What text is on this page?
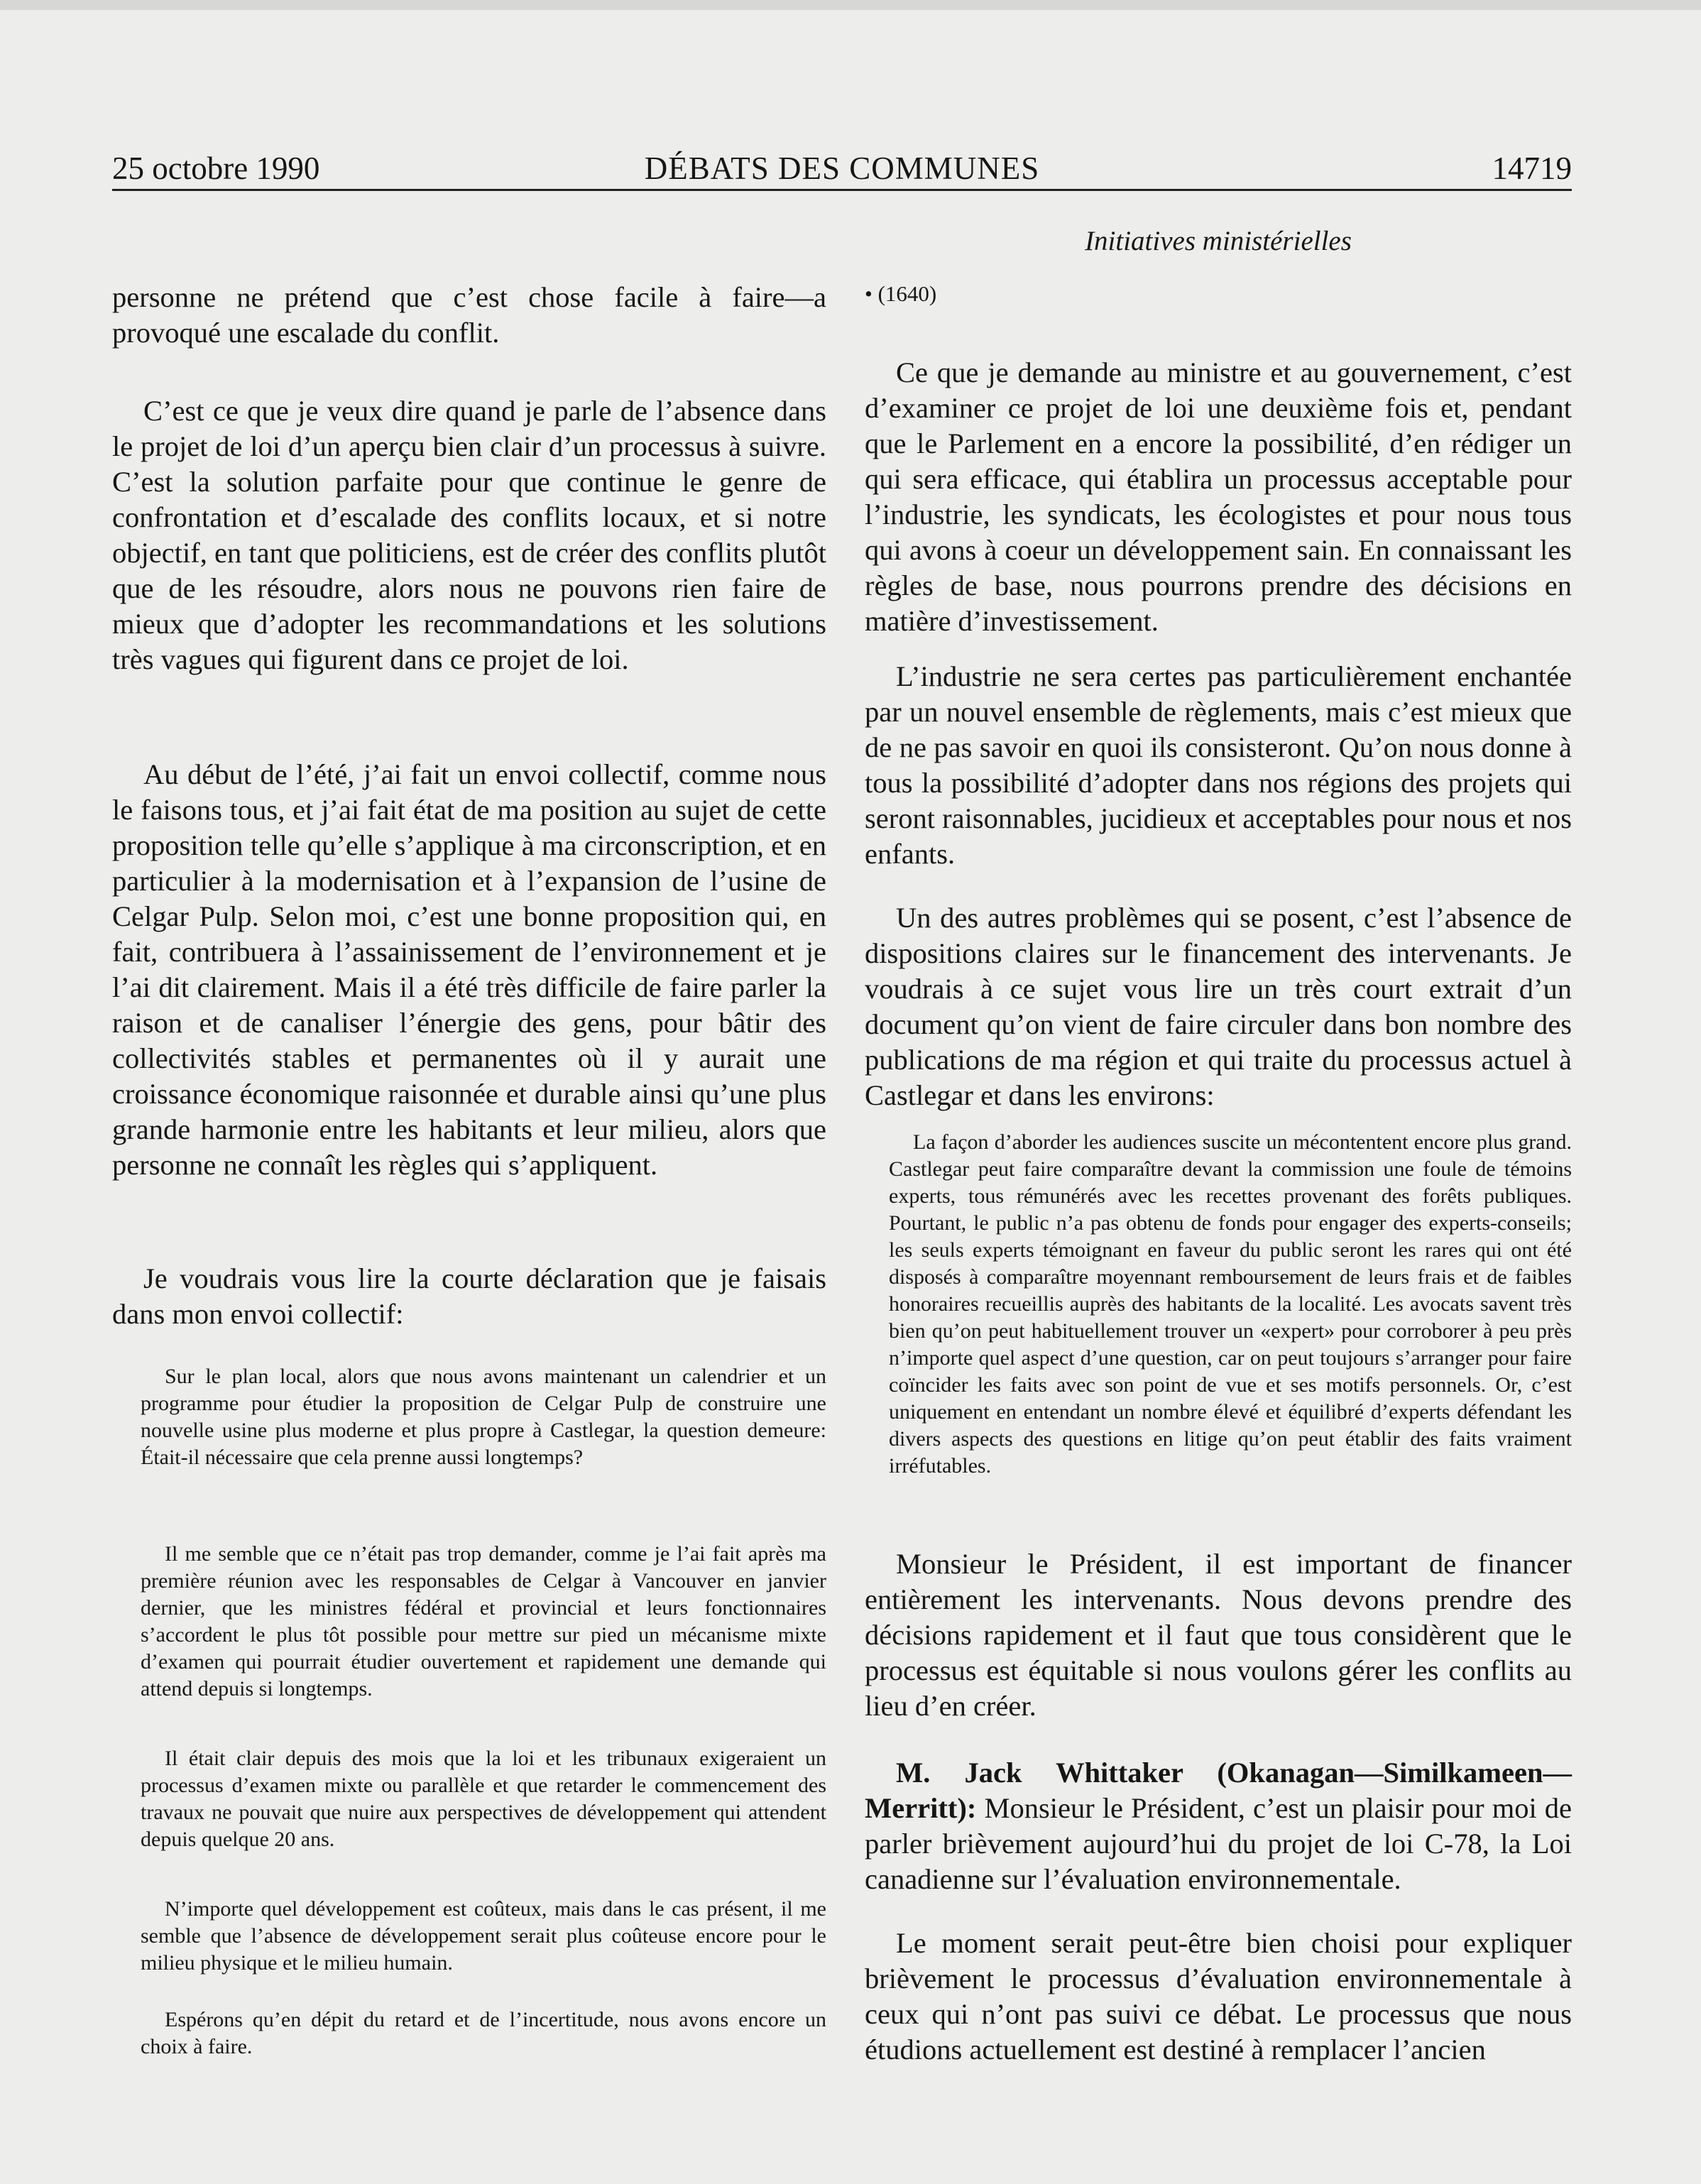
25 octobre 1990	DÉBATS DES COMMUNES	14719
Initiatives ministérielles

personne ne prétend que c’est chose facile à faire—a provoqué une escalade du conflit.

C’est ce que je veux dire quand je parle de l’absence dans le projet de loi d’un aperçu bien clair d’un processus à suivre. C’est la solution parfaite pour que continue le genre de confrontation et d’escalade des conflits locaux, et si notre objectif, en tant que politiciens, est de créer des conflits plutôt que de les résoudre, alors nous ne pouvons rien faire de mieux que d’adopter les recommandations et les solutions très vagues qui figurent dans ce projet de loi.

Au début de l’été, j’ai fait un envoi collectif, comme nous le faisons tous, et j’ai fait état de ma position au sujet de cette proposition telle qu’elle s’applique à ma circonscription, et en particulier à la modernisation et à l’expansion de l’usine de Celgar Pulp. Selon moi, c’est une bonne proposition qui, en fait, contribuera à l’assainissement de l’environnement et je l’ai dit clairement. Mais il a été très difficile de faire parler la raison et de canaliser l’énergie des gens, pour bâtir des collectivités stables et permanentes où il y aurait une croissance économique raisonnée et durable ainsi qu’une plus grande harmonie entre les habitants et leur milieu, alors que personne ne connaît les règles qui s’appliquent.

Je voudrais vous lire la courte déclaration que je faisais dans mon envoi collectif:

Sur le plan local, alors que nous avons maintenant un calendrier et un programme pour étudier la proposition de Celgar Pulp de construire une nouvelle usine plus moderne et plus propre à Castlegar, la question demeure: Était-il nécessaire que cela prenne aussi longtemps?

Il me semble que ce n’était pas trop demander, comme je l’ai fait après ma première réunion avec les responsables de Celgar à Vancouver en janvier dernier, que les ministres fédéral et provincial et leurs fonctionnaires s’accordent le plus tôt possible pour mettre sur pied un mécanisme mixte d’examen qui pourrait étudier ouvertement et rapidement une demande qui attend depuis si longtemps.

Il était clair depuis des mois que la loi et les tribunaux exigeraient un processus d’examen mixte ou parallèle et que retarder le commencement des travaux ne pouvait que nuire aux perspectives de développement qui attendent depuis quelque 20 ans.

N’importe quel développement est coûteux, mais dans le cas présent, il me semble que l’absence de développement serait plus coûteuse encore pour le milieu physique et le milieu humain.

Espérons qu’en dépit du retard et de l’incertitude, nous avons encore un choix à faire.

• (1640)

Ce que je demande au ministre et au gouvernement, c’est d’examiner ce projet de loi une deuxième fois et, pendant que le Parlement en a encore la possibilité, d’en rédiger un qui sera efficace, qui établira un processus acceptable pour l’industrie, les syndicats, les écologistes et pour nous tous qui avons à coeur un développement sain. En connaissant les règles de base, nous pourrons prendre des décisions en matière d’investissement.

L’industrie ne sera certes pas particulièrement enchantée par un nouvel ensemble de règlements, mais c’est mieux que de ne pas savoir en quoi ils consisteront. Qu’on nous donne à tous la possibilité d’adopter dans nos régions des projets qui seront raisonnables, jucidieux et acceptables pour nous et nos enfants.

Un des autres problèmes qui se posent, c’est l’absence de dispositions claires sur le financement des intervenants. Je voudrais à ce sujet vous lire un très court extrait d’un document qu’on vient de faire circuler dans bon nombre des publications de ma région et qui traite du processus actuel à Castlegar et dans les environs:

La façon d’aborder les audiences suscite un mécontentent encore plus grand. Castlegar peut faire comparaître devant la commission une foule de témoins experts, tous rémunérés avec les recettes provenant des forêts publiques. Pourtant, le public n’a pas obtenu de fonds pour engager des experts-conseils; les seuls experts témoignant en faveur du public seront les rares qui ont été disposés à comparaître moyennant remboursement de leurs frais et de faibles honoraires recueillis auprès des habitants de la localité. Les avocats savent très bien qu’on peut habituellement trouver un «expert» pour corroborer à peu près n’importe quel aspect d’une question, car on peut toujours s’arranger pour faire coïncider les faits avec son point de vue et ses motifs personnels. Or, c’est uniquement en entendant un nombre élevé et équilibré d’experts défendant les divers aspects des questions en litige qu’on peut établir des faits vraiment irréfutables.

Monsieur le Président, il est important de financer entièrement les intervenants. Nous devons prendre des décisions rapidement et il faut que tous considèrent que le processus est équitable si nous voulons gérer les conflits au lieu d’en créer.

M. Jack Whittaker (Okanagan—Similkameen—Merritt): Monsieur le Président, c’est un plaisir pour moi de parler brièvement aujourd’hui du projet de loi C-78, la Loi canadienne sur l’évaluation environnementale.

Le moment serait peut-être bien choisi pour expliquer brièvement le processus d’évaluation environnementale à ceux qui n’ont pas suivi ce débat. Le processus que nous étudions actuellement est destiné à remplacer l’ancien
